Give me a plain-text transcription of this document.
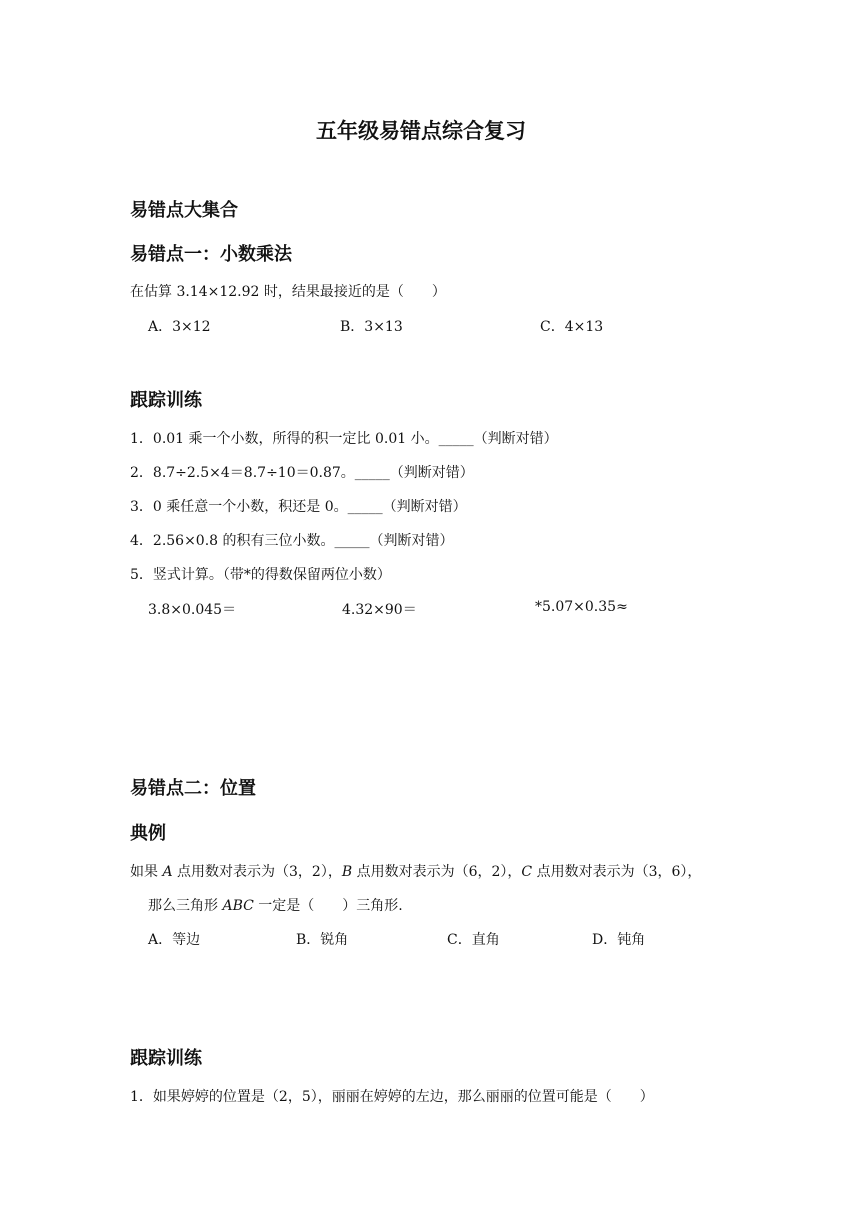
五年级易错点综合复习
易错点大集合
易错点一：小数乘法
在估算 3.14×12.92 时，结果最接近的是（　　）
A．3×12	B．3×13	C．4×13
跟踪训练
1．0.01 乘一个小数，所得的积一定比 0.01 小。_____（判断对错）
2．8.7÷2.5×4＝8.7÷10＝0.87。_____（判断对错）
3．0 乘任意一个小数，积还是 0。_____（判断对错）
4．2.56×0.8 的积有三位小数。_____（判断对错）
5．竖式计算。（带*的得数保留两位小数）
3.8×0.045＝	4.32×90＝	*5.07×0.35≈
易错点二：位置
典例
如果 A 点用数对表示为（3，2），B 点用数对表示为（6，2），C 点用数对表示为（3，6），
那么三角形 ABC 一定是（　　）三角形.
A．等边	B．锐角	C．直角	D．钝角
跟踪训练
1．如果婷婷的位置是（2，5），丽丽在婷婷的左边，那么丽丽的位置可能是（　　）
